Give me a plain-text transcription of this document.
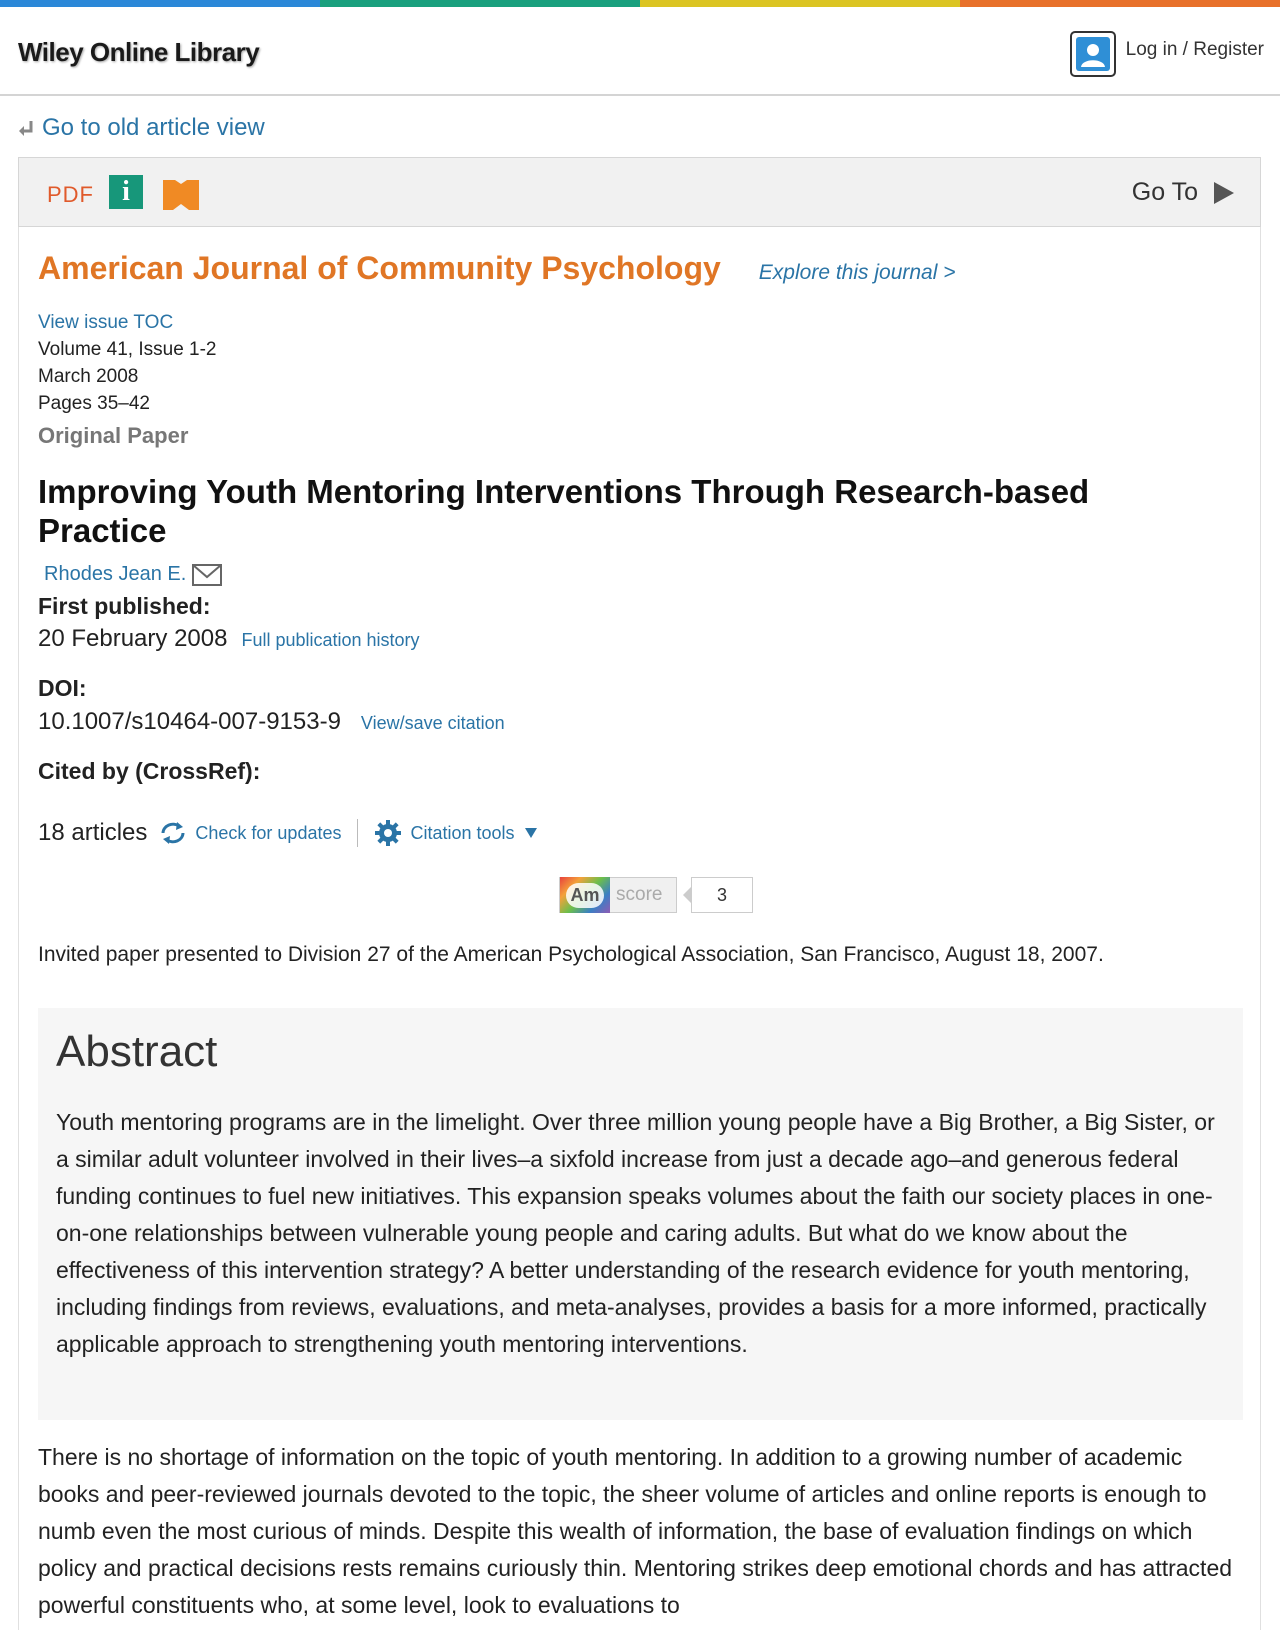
Wiley Online Library	Log in / Register
Go to old article view
PDF	i	Go To
American Journal of Community Psychology Explore this journal >
View issue TOC
Volume 41, Issue 1-2
March 2008
Pages 35–42
Original Paper
Improving Youth Mentoring Interventions Through Research-based Practice
Rhodes Jean E.
First published:
20 February 2008 Full publication history
DOI:
10.1007/s10464-007-9153-9 View/save citation
Cited by (CrossRef):
18 articles	Check for updates	Citation tools
Am score	3
Invited paper presented to Division 27 of the American Psychological Association, San Francisco, August 18, 2007.
Abstract

Youth mentoring programs are in the limelight. Over three million young people have a Big Brother, a Big Sister, or a similar adult volunteer involved in their lives–a sixfold increase from just a decade ago–and generous federal funding continues to fuel new initiatives. This expansion speaks volumes about the faith our society places in one-on-one relationships between vulnerable young people and caring adults. But what do we know about the effectiveness of this intervention strategy? A better understanding of the research evidence for youth mentoring, including findings from reviews, evaluations, and meta-analyses, provides a basis for a more informed, practically applicable approach to strengthening youth mentoring interventions.

There is no shortage of information on the topic of youth mentoring. In addition to a growing number of academic books and peer-reviewed journals devoted to the topic, the sheer volume of articles and online reports is enough to numb even the most curious of minds. Despite this wealth of information, the base of evaluation findings on which policy and practical decisions rests remains curiously thin. Mentoring strikes deep emotional chords and has attracted powerful constituents who, at some level, look to evaluations to
